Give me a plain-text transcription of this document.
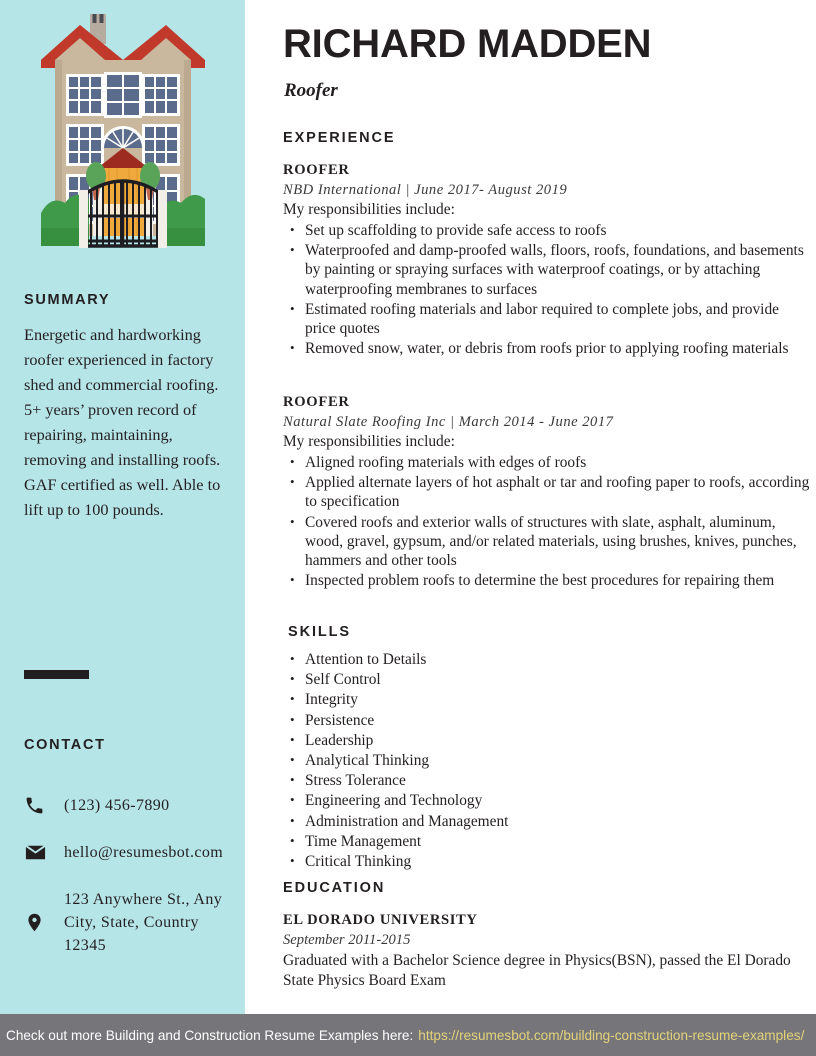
SUMMARY
Energetic and hardworking roofer experienced in factory shed and commercial roofing. 5+ years’ proven record of repairing, maintaining, removing and installing roofs. GAF certified as well. Able to lift up to 100 pounds.
CONTACT
(123) 456-7890
hello@resumesbot.com
123 Anywhere St., Any City, State, Country 12345
RICHARD MADDEN
Roofer
EXPERIENCE
ROOFER
NBD International | June 2017- August 2019
My responsibilities include:
• Set up scaffolding to provide safe access to roofs
• Waterproofed and damp-proofed walls, floors, roofs, foundations, and basements by painting or spraying surfaces with waterproof coatings, or by attaching waterproofing membranes to surfaces
• Estimated roofing materials and labor required to complete jobs, and provide price quotes
• Removed snow, water, or debris from roofs prior to applying roofing materials
ROOFER
Natural Slate Roofing Inc | March 2014 - June 2017
My responsibilities include:
• Aligned roofing materials with edges of roofs
• Applied alternate layers of hot asphalt or tar and roofing paper to roofs, according to specification
• Covered roofs and exterior walls of structures with slate, asphalt, aluminum, wood, gravel, gypsum, and/or related materials, using brushes, knives, punches, hammers and other tools
• Inspected problem roofs to determine the best procedures for repairing them
SKILLS
• Attention to Details
• Self Control
• Integrity
• Persistence
• Leadership
• Analytical Thinking
• Stress Tolerance
• Engineering and Technology
• Administration and Management
• Time Management
• Critical Thinking
EDUCATION
EL DORADO UNIVERSITY
September 2011-2015
Graduated with a Bachelor Science degree in Physics(BSN), passed the El Dorado State Physics Board Exam
Check out more Building and Construction Resume Examples here: https://resumesbot.com/building-construction-resume-examples/
